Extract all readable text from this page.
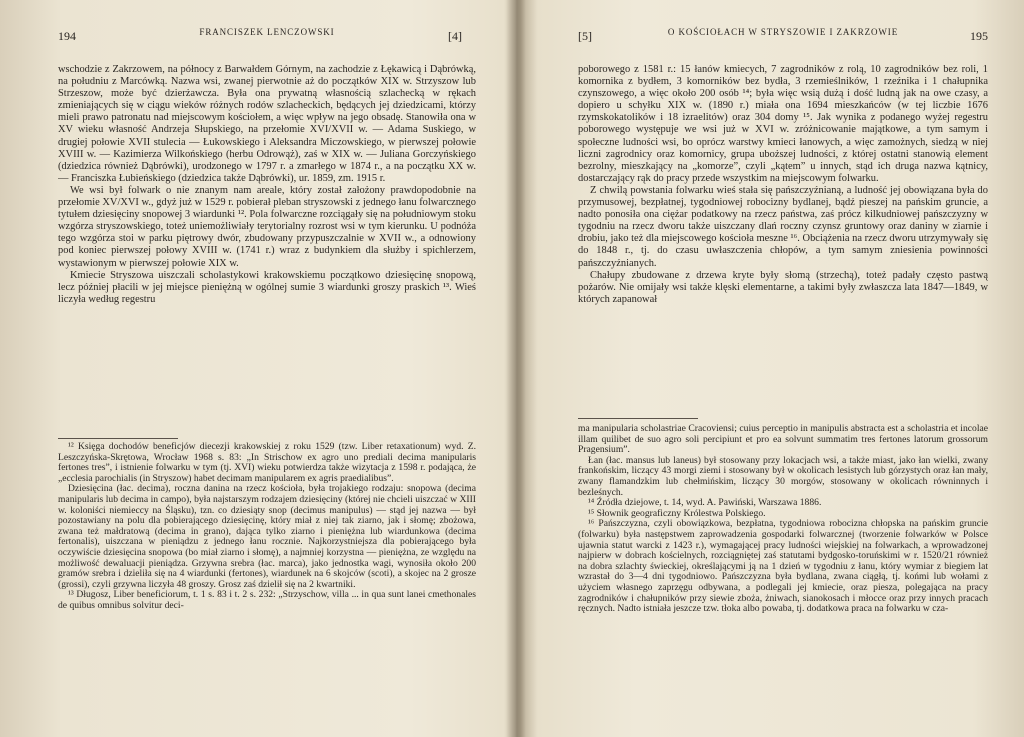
194	FRANCISZEK LENCZOWSKI	[4]

wschodzie z Zakrzowem, na północy z Barwałdem Górnym, na zachodzie z Łękawicą i Dąbrówką, na południu z Marcówką. Nazwa wsi, zwanej pierwotnie aż do początków XIX w. Strzyszow lub Strzeszow, może być dzierżawcza. Była ona prywatną własnością szlachecką w rękach zmieniających się w ciągu wieków różnych rodów szlacheckich, będących jej dziedzicami, którzy mieli prawo patronatu nad miejscowym kościołem, a więc wpływ na jego obsadę. Stanowiła ona w XV wieku własność Andrzeja Słupskiego, na przełomie XVI/XVII w. — Adama Suskiego, w drugiej połowie XVII stulecia — Łukowskiego i Aleksandra Miczowskiego, w pierwszej połowie XVIII w. — Kazimierza Wilkońskiego (herbu Odrowąż), zaś w XIX w. — Juliana Gorczyńskiego (dziedzica również Dąbrówki), urodzonego w 1797 r. a zmarłego w 1874 r., a na początku XX w. — Franciszka Łubieńskiego (dziedzica także Dąbrówki), ur. 1859, zm. 1915 r.

We wsi był folwark o nie znanym nam areale, który został założony prawdopodobnie na przełomie XV/XVI w., gdyż już w 1529 r. pobierał pleban stryszowski z jednego łanu folwarcznego tytułem dziesięciny snopowej 3 wiardunki ¹². Pola folwarczne rozciągały się na południowym stoku wzgórza stryszowskiego, toteż uniemożliwiały terytorialny rozrost wsi w tym kierunku. U podnóża tego wzgórza stoi w parku piętrowy dwór, zbudowany przypuszczalnie w XVII w., a odnowiony pod koniec pierwszej połowy XVIII w. (1741 r.) wraz z budynkiem dla służby i spichlerzem, wystawionym w pierwszej połowie XIX w.

Kmiecie Stryszowa uiszczali scholastykowi krakowskiemu początkowo dziesięcinę snopową, lecz później płacili w jej miejsce pieniężną w ogólnej sumie 3 wiardunki groszy praskich ¹³. Wieś liczyła według regestru

¹² Księga dochodów beneficjów diecezji krakowskiej z roku 1529 (tzw. Liber retaxationum) wyd. Z. Leszczyńska-Skrętowa, Wrocław 1968 s. 83: „In Strischow ex agro uno prediali decima manipularis fertones tres”, i istnienie folwarku w tym (tj. XVI) wieku potwierdza także wizytacja z 1598 r. podająca, że „ecclesia parochialis (in Stryszow) habet decimam manipularem ex agris praedialibus”.

Dziesięcina (łac. decima), roczna danina na rzecz kościoła, była trojakiego rodzaju: snopowa (decima manipularis lub decima in campo), była najstarszym rodzajem dziesięciny (której nie chcieli uiszczać w XIII w. koloniści niemieccy na Śląsku), tzn. co dziesiąty snop (decimus manipulus) — stąd jej nazwa — był pozostawiany na polu dla pobierającego dziesięcinę, który miał z niej tak ziarno, jak i słomę; zbożowa, zwana też małdratową (decima in grano), dająca tylko ziarno i pieniężna lub wiardunkowa (decima fertonalis), uiszczana w pieniądzu z jednego łanu rocznie. Najkorzystniejsza dla pobierającego była oczywiście dziesięcina snopowa (bo miał ziarno i słomę), a najmniej korzystna — pieniężna, ze względu na możliwość dewaluacji pieniądza. Grzywna srebra (łac. marca), jako jednostka wagi, wynosiła około 200 gramów srebra i dzieliła się na 4 wiardunki (fertones), wiardunek na 6 skojców (scoti), a skojec na 2 grosze (grossi), czyli grzywna liczyła 48 groszy. Grosz zaś dzielił się na 2 kwartniki.

¹³ Długosz, Liber beneficiorum, t. 1 s. 83 i t. 2 s. 232: „Strzyschow, villa ... in qua sunt lanei cmethonales de quibus omnibus solvitur deci-

[5]	O KOŚCIOŁACH W STRYSZOWIE I ZAKRZOWIE	195

poborowego z 1581 r.: 15 łanów kmiecych, 7 zagrodników z rolą, 10 zagrodników bez roli, 1 komornika z bydłem, 3 komorników bez bydła, 3 rzemieślników, 1 rzeźnika i 1 chałupnika czynszowego, a więc około 200 osób ¹⁴; była więc wsią dużą i dość ludną jak na owe czasy, a dopiero u schyłku XIX w. (1890 r.) miała ona 1694 mieszkańców (w tej liczbie 1676 rzymskokatolików i 18 izraelitów) oraz 304 domy ¹⁵. Jak wynika z podanego wyżej regestru poborowego występuje we wsi już w XVI w. zróżnicowanie majątkowe, a tym samym i społeczne ludności wsi, bo oprócz warstwy kmieci łanowych, a więc zamożnych, siedzą w niej liczni zagrodnicy oraz komornicy, grupa uboższej ludności, z której ostatni stanowią element bezrolny, mieszkający na „komorze”, czyli „kątem” u innych, stąd ich druga nazwa kątnicy, dostarczający rąk do pracy przede wszystkim na miejscowym folwarku.

Z chwilą powstania folwarku wieś stała się pańszczyźnianą, a ludność jej obowiązana była do przymusowej, bezpłatnej, tygodniowej robocizny bydlanej, bądź pieszej na pańskim gruncie, a nadto ponosiła ona ciężar podatkowy na rzecz państwa, zaś prócz kilkudniowej pańszczyzny w tygodniu na rzecz dworu także uiszczany dlań roczny czynsz gruntowy oraz daniny w ziarnie i drobiu, jako też dla miejscowego kościoła meszne ¹⁶. Obciążenia na rzecz dworu utrzymywały się do 1848 r., tj. do czasu uwłaszczenia chłopów, a tym samym zniesienia powinności pańszczyźnianych.

Chałupy zbudowane z drzewa kryte były słomą (strzechą), toteż padały często pastwą pożarów. Nie omijały wsi także klęski elementarne, a takimi były zwłaszcza lata 1847—1849, w których zapanował

ma manipularia scholastriae Cracoviensi; cuius perceptio in manipulis abstracta est a scholastria et incolae illam quilibet de suo agro soli percipiunt et pro ea solvunt summatim tres fertones latorum grossorum Pragensium”.

Łan (łac. mansus lub laneus) był stosowany przy lokacjach wsi, a także miast, jako łan wielki, zwany frankońskim, liczący 43 morgi ziemi i stosowany był w okolicach lesistych lub górzystych oraz łan mały, zwany flamandzkim lub chełmińskim, liczący 30 morgów, stosowany w okolicach równinnych i bezleśnych.

¹⁴ Źródła dziejowe, t. 14, wyd. A. Pawiński, Warszawa 1886.

¹⁵ Słownik geograficzny Królestwa Polskiego.

¹⁶ Pańszczyzna, czyli obowiązkowa, bezpłatna, tygodniowa robocizna chłopska na pańskim gruncie (folwarku) była następstwem zaprowadzenia gospodarki folwarcznej (tworzenie folwarków w Polsce ujawnia statut warcki z 1423 r.), wymagającej pracy ludności wiejskiej na folwarkach, a wprowadzonej najpierw w dobrach kościelnych, rozciągniętej zaś statutami bydgosko-toruńskimi w r. 1520/21 również na dobra szlachty świeckiej, określającymi ją na 1 dzień w tygodniu z łanu, który wymiar z biegiem lat wzrastał do 3—4 dni tygodniowo. Pańszczyzna była bydlana, zwana ciągłą, tj. końmi lub wołami z użyciem własnego zaprzęgu odbywana, a podlegali jej kmiecie, oraz piesza, polegająca na pracy zagrodników i chałupników przy siewie zboża, żniwach, sianokosach i młocce oraz przy innych pracach ręcznych. Nadto istniała jeszcze tzw. tłoka albo powaba, tj. dodatkowa praca na folwarku w cza-
